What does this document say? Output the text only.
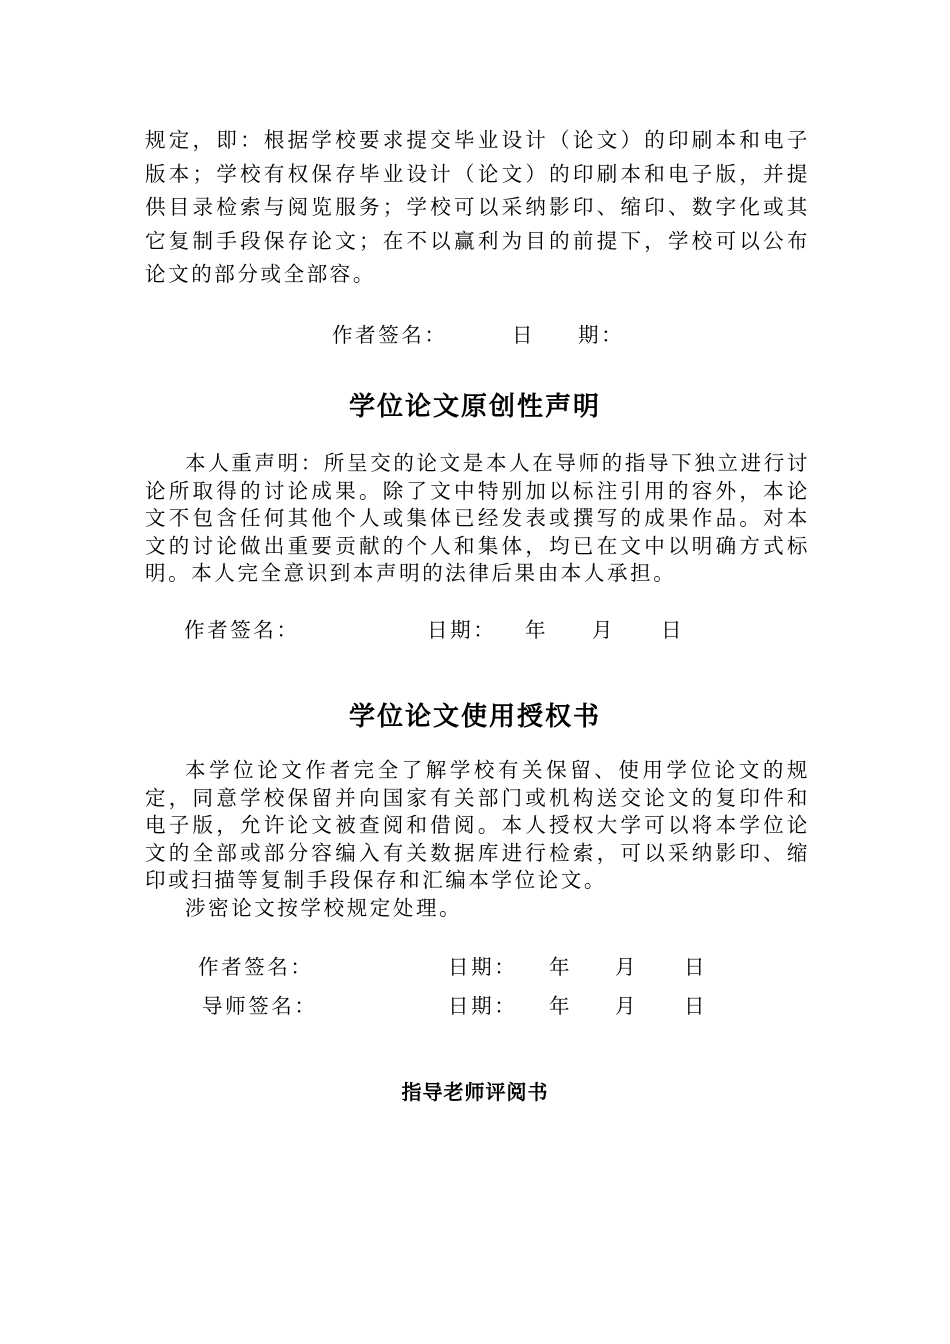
规定，即：根据学校要求提交毕业设计（论文）的印刷本和电子版本；学校有权保存毕业设计（论文）的印刷本和电子版，并提供目录检索与阅览服务；学校可以采纳影印、缩印、数字化或其它复制手段保存论文；在不以赢利为目的前提下，学校可以公布论文的部分或全部容。

作者签名：	日 期：
学位论文原创性声明

本人重声明：所呈交的论文是本人在导师的指导下独立进行讨论所取得的讨论成果。除了文中特别加以标注引用的容外，本论文不包含任何其他个人或集体已经发表或撰写的成果作品。对本文的讨论做出重要贡献的个人和集体，均已在文中以明确方式标明。本人完全意识到本声明的法律后果由本人承担。

作者签名：	日期： 年 月 日
学位论文使用授权书

本学位论文作者完全了解学校有关保留、使用学位论文的规定，同意学校保留并向国家有关部门或机构送交论文的复印件和电子版，允许论文被查阅和借阅。本人授权大学可以将本学位论文的全部或部分容编入有关数据库进行检索，可以采纳影印、缩印或扫描等复制手段保存和汇编本学位论文。

涉密论文按学校规定处理。

作者签名：	日期： 年 月 日
导师签名：	日期： 年 月 日
指导老师评阅书
